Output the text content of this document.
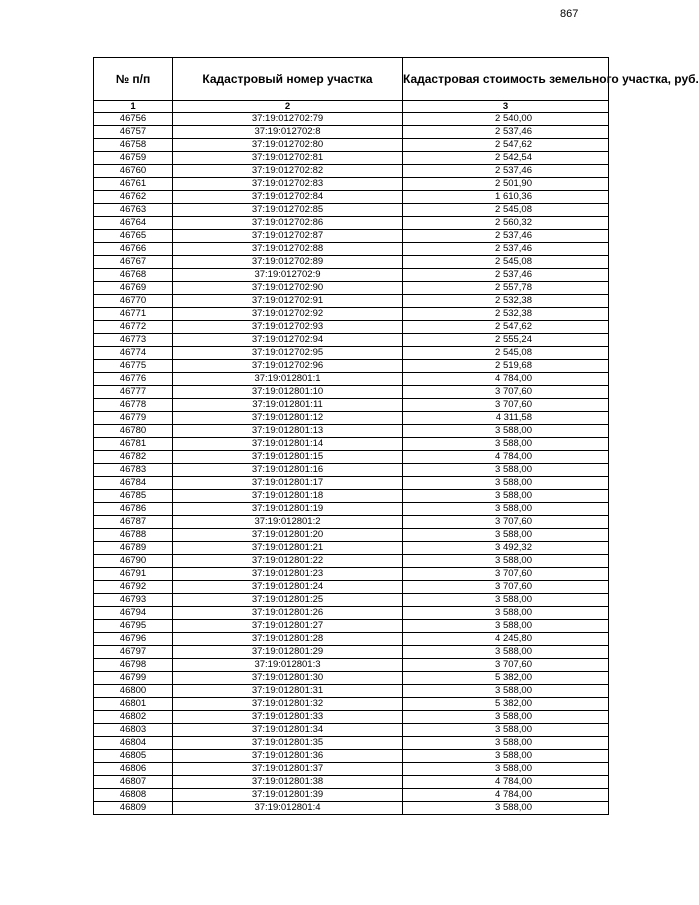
867
№ п/п	Кадастровый номер участка	Кадастровая стоимость земельного участка, руб.
1	2	3
46756	37:19:012702:79	2 540,00
46757	37:19:012702:8	2 537,46
46758	37:19:012702:80	2 547,62
46759	37:19:012702:81	2 542,54
46760	37:19:012702:82	2 537,46
46761	37:19:012702:83	2 501,90
46762	37:19:012702:84	1 610,36
46763	37:19:012702:85	2 545,08
46764	37:19:012702:86	2 560,32
46765	37:19:012702:87	2 537,46
46766	37:19:012702:88	2 537,46
46767	37:19:012702:89	2 545,08
46768	37:19:012702:9	2 537,46
46769	37:19:012702:90	2 557,78
46770	37:19:012702:91	2 532,38
46771	37:19:012702:92	2 532,38
46772	37:19:012702:93	2 547,62
46773	37:19:012702:94	2 555,24
46774	37:19:012702:95	2 545,08
46775	37:19:012702:96	2 519,68
46776	37:19:012801:1	4 784,00
46777	37:19:012801:10	3 707,60
46778	37:19:012801:11	3 707,60
46779	37:19:012801:12	4 311,58
46780	37:19:012801:13	3 588,00
46781	37:19:012801:14	3 588,00
46782	37:19:012801:15	4 784,00
46783	37:19:012801:16	3 588,00
46784	37:19:012801:17	3 588,00
46785	37:19:012801:18	3 588,00
46786	37:19:012801:19	3 588,00
46787	37:19:012801:2	3 707,60
46788	37:19:012801:20	3 588,00
46789	37:19:012801:21	3 492,32
46790	37:19:012801:22	3 588,00
46791	37:19:012801:23	3 707,60
46792	37:19:012801:24	3 707,60
46793	37:19:012801:25	3 588,00
46794	37:19:012801:26	3 588,00
46795	37:19:012801:27	3 588,00
46796	37:19:012801:28	4 245,80
46797	37:19:012801:29	3 588,00
46798	37:19:012801:3	3 707,60
46799	37:19:012801:30	5 382,00
46800	37:19:012801:31	3 588,00
46801	37:19:012801:32	5 382,00
46802	37:19:012801:33	3 588,00
46803	37:19:012801:34	3 588,00
46804	37:19:012801:35	3 588,00
46805	37:19:012801:36	3 588,00
46806	37:19:012801:37	3 588,00
46807	37:19:012801:38	4 784,00
46808	37:19:012801:39	4 784,00
46809	37:19:012801:4	3 588,00
